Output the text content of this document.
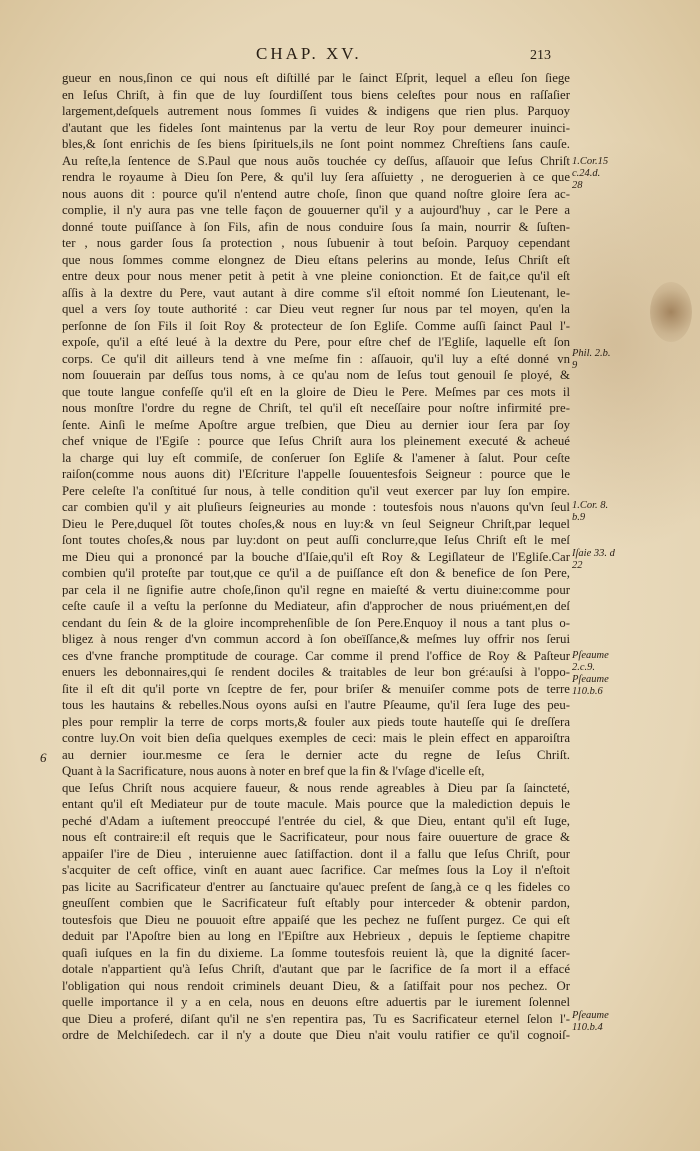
CHAP. XV.	213
gueur en nous,ſinon ce qui nous eſt diſtillé par le ſainct Eſprit, lequel a eſleu ſon ſiege
en Ieſus Chriſt, à fin que de luy ſourdiſſent tous biens celeſtes pour nous en raſſaſier
largement,deſquels autrement nous ſommes ſi vuides & indigens que rien plus. Parquoy
d'autant que les fideles ſont maintenus par la vertu de leur Roy pour demeurer inuinci-
bles,& ſont enrichis de ſes biens ſpirituels,ils ne ſont point nommez Chreſtiens ſans cauſe.
Au reſte,la ſentence de S.Paul que nous auõs touchée cy deſſus, aſſauoir que Ieſus Chriſt
rendra le royaume à Dieu ſon Pere, & qu'il luy ſera aſſuietty , ne deroguerien à ce que
nous auons dit : pource qu'il n'entend autre choſe, ſinon que quand noſtre gloire ſera ac-
complie, il n'y aura pas vne telle façon de gouuerner qu'il y a aujourd'huy , car le Pere a
donné toute puiſſance à ſon Fils, afin de nous conduire ſous ſa main, nourrir & ſuſten-
ter , nous garder ſous ſa protection , nous ſubuenir à tout beſoin. Parquoy cependant
que nous ſommes comme elongnez de Dieu eſtans pelerins au monde, Ieſus Chriſt eſt
entre deux pour nous mener petit à petit à vne pleine conionction. Et de fait,ce qu'il eſt
aſſis à la dextre du Pere, vaut autant à dire comme s'il eſtoit nommé ſon Lieutenant, le-
quel a vers ſoy toute authorité : car Dieu veut regner ſur nous par tel moyen, qu'en la
perſonne de ſon Fils il ſoit Roy & protecteur de ſon Egliſe. Comme auſſi ſainct Paul l'-
expoſe, qu'il a eſté leué à la dextre du Pere, pour eſtre chef de l'Egliſe, laquelle eſt ſon
corps. Ce qu'il dit ailleurs tend à vne meſme fin : aſſauoir, qu'il luy a eſté donné vn
nom ſouuerain par deſſus tous noms, à ce qu'au nom de Ieſus tout genouil ſe ployé, &
que toute langue confeſſe qu'il eſt en la gloire de Dieu le Pere. Meſmes par ces mots il
nous monſtre l'ordre du regne de Chriſt, tel qu'il eſt neceſſaire pour noſtre infirmité pre-
ſente. Ainſi le meſme Apoſtre argue treſbien, que Dieu au dernier iour ſera par ſoy
chef vnique de l'Egiſe : pource que Ieſus Chriſt aura los pleinement executé & acheué
la charge qui luy eſt commiſe, de conſeruer ſon Egliſe & l'amener à ſalut. Pour ceſte
raiſon(comme nous auons dit) l'Eſcriture l'appelle ſouuentesfois Seigneur : pource que le
Pere celeſte l'a conſtitué ſur nous, à telle condition qu'il veut exercer par luy ſon empire.
car combien qu'il y ait pluſieurs ſeigneuries au monde : toutesfois nous n'auons qu'vn ſeul
Dieu le Pere,duquel ſõt toutes choſes,& nous en luy:& vn ſeul Seigneur Chriſt,par lequel
ſont toutes choſes,& nous par luy:dont on peut auſſi conclurre,que Ieſus Chriſt eſt le meſ
me Dieu qui a prononcé par la bouche d'Iſaie,qu'il eſt Roy & Legiſlateur de l'Egliſe.Car
combien qu'il proteſte par tout,que ce qu'il a de puiſſance eſt don & benefice de ſon Pere,
par cela il ne ſignifie autre choſe,ſinon qu'il regne en maieſté & vertu diuine:comme pour
ceſte cauſe il a veſtu la perſonne du Mediateur, afin d'approcher de nous priuément,en deſ
cendant du ſein & de la gloire incomprehenſible de ſon Pere.Enquoy il nous a tant plus o-
bligez à nous renger d'vn commun accord à ſon obeïſſance,& meſmes luy offrir nos ſerui
ces d'vne franche promptitude de courage. Car comme il prend l'office de Roy & Paſteur
enuers les debonnaires,qui ſe rendent dociles & traitables de leur bon gré:auſsi à l'oppo-
ſite il eſt dit qu'il porte vn ſceptre de fer, pour briſer & menuiſer comme pots de terre
tous les hautains & rebelles.Nous oyons auſsi en l'autre Pſeaume, qu'il ſera Iuge des peu-
ples pour remplir la terre de corps morts,& fouler aux pieds toute hauteſſe qui ſe dreſſera
contre luy.On voit bien deſia quelques exemples de ceci: mais le plein effect en apparoiſtra
au dernier iour.mesme ce ſera le dernier acte du regne de Ieſus Chriſt.
Quant à la Sacrificature, nous auons à noter en bref que la fin & l'vſage d'icelle eſt,
que Ieſus Chriſt nous acquiere faueur, & nous rende agreables à Dieu par ſa ſaincteté,
entant qu'il eſt Mediateur pur de toute macule. Mais pource que la malediction depuis le
peché d'Adam a iuſtement preoccupé l'entrée du ciel, & que Dieu, entant qu'il eſt Iuge,
nous eſt contraire:il eſt requis que le Sacrificateur, pour nous faire ouuerture de grace &
appaiſer l'ire de Dieu , interuienne auec ſatiſfaction. dont il a fallu que Ieſus Chriſt, pour
s'acquiter de ceſt office, vinſt en auant auec ſacrifice. Car meſmes ſous la Loy il n'eſtoit
pas licite au Sacrificateur d'entrer au ſanctuaire qu'auec preſent de ſang,à ce q les fideles co
gneuſſent combien que le Sacrificateur fuſt eſtably pour interceder & obtenir pardon,
toutesfois que Dieu ne pouuoit eſtre appaiſé que les pechez ne fuſſent purgez. Ce qui eſt
deduit par l'Apoſtre bien au long en l'Epiſtre aux Hebrieux , depuis le ſeptieme chapitre
quaſi iuſques en la fin du dixieme. La ſomme toutesfois reuient là, que la dignité ſacer-
dotale n'appartient qu'à Ieſus Chriſt, d'autant que par le ſacrifice de ſa mort il a effacé
l'obligation qui nous rendoit criminels deuant Dieu, & a ſatiſfait pour nos pechez. Or
quelle importance il y a en cela, nous en deuons eſtre aduertis par le iurement ſolennel
que Dieu a proferé, diſant qu'il ne s'en repentira pas, Tu es Sacrificateur eternel ſelon l'-
ordre de Melchiſedech. car il n'y a doute que Dieu n'ait voulu ratifier ce qu'il cognoiſ-
6
1.Cor.15
c.24.d.
28
Phil. 2.b.
9
1.Cor. 8.
b.9
Iſaie 33. d
22
Pſeaume
2.c.9.
Pſeaume
110.b.6
Pſeaume
110.b.4
